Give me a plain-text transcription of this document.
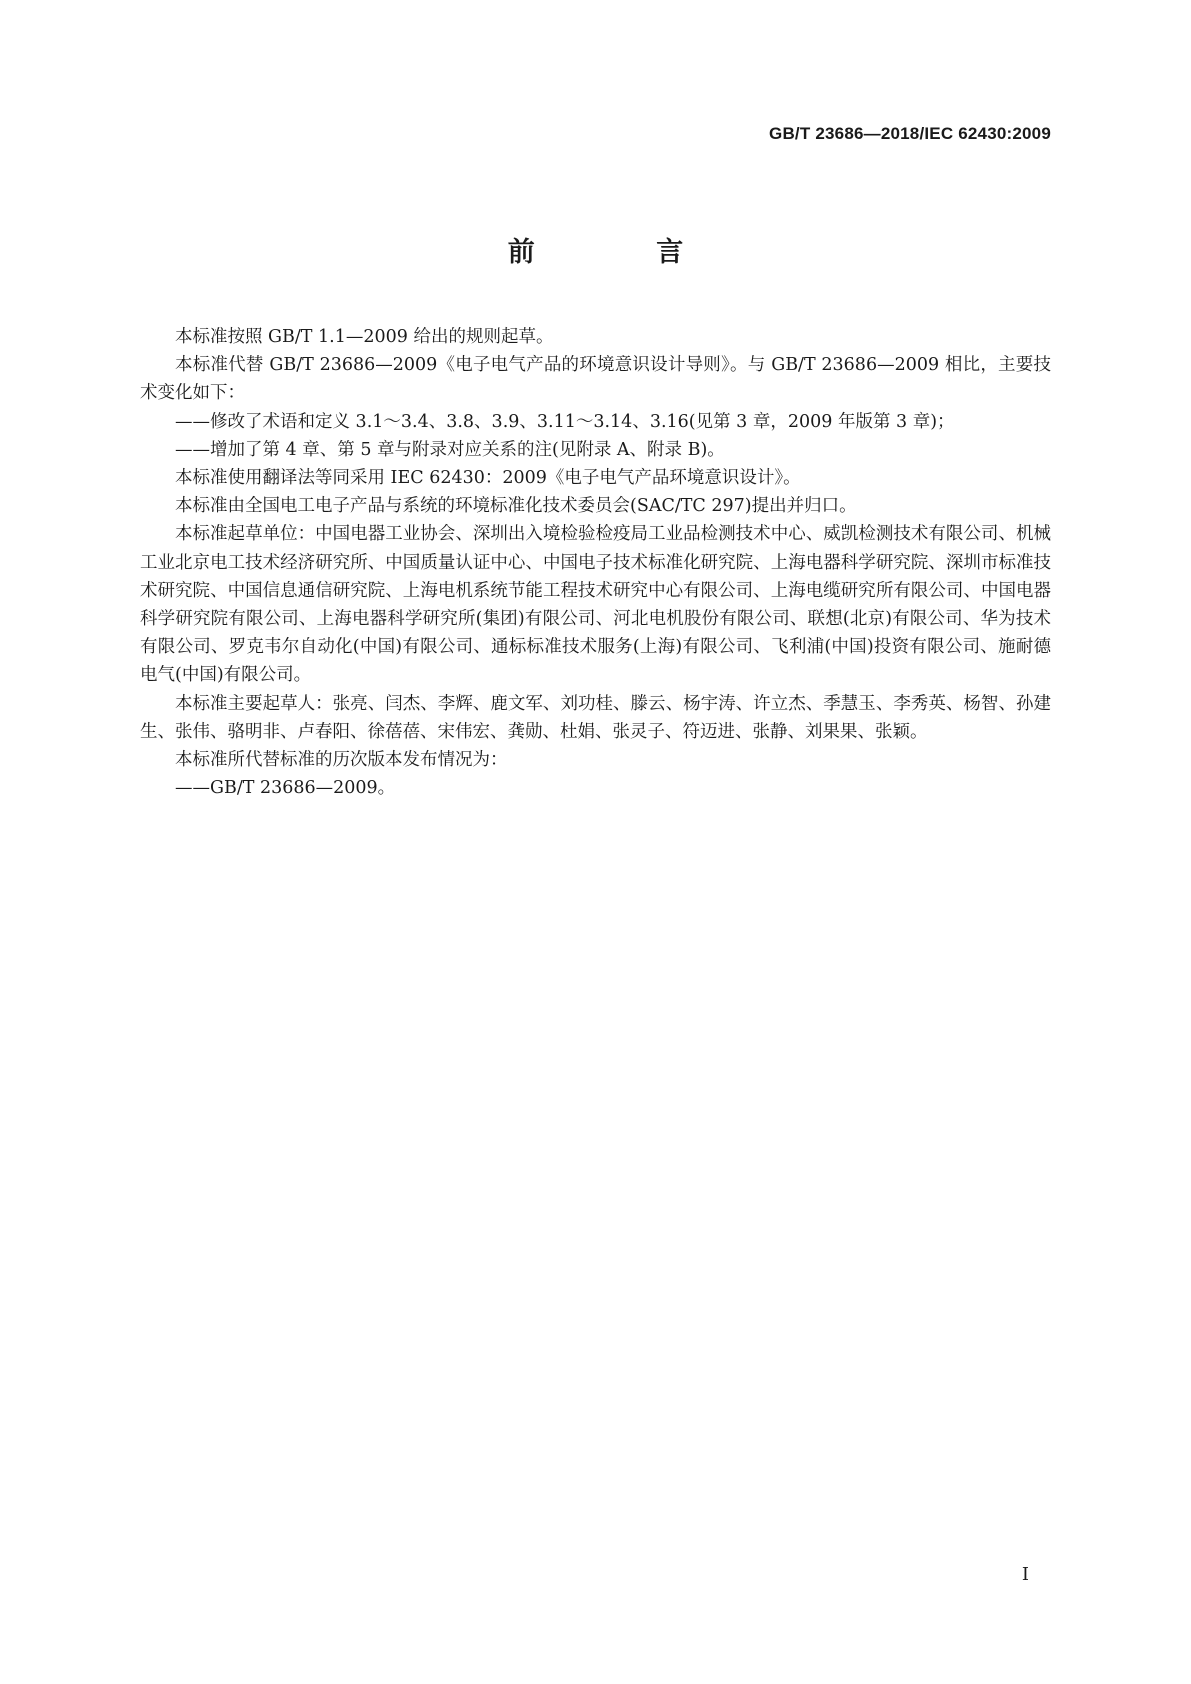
GB/T 23686—2018/IEC 62430:2009
前 言

本标准按照 GB/T 1.1—2009 给出的规则起草。

本标准代替 GB/T 23686—2009《电子电气产品的环境意识设计导则》。与 GB/T 23686—2009 相比，主要技术变化如下：

——修改了术语和定义 3.1～3.4、3.8、3.9、3.11～3.14、3.16(见第 3 章，2009 年版第 3 章)；

——增加了第 4 章、第 5 章与附录对应关系的注(见附录 A、附录 B)。

本标准使用翻译法等同采用 IEC 62430：2009《电子电气产品环境意识设计》。

本标准由全国电工电子产品与系统的环境标准化技术委员会(SAC/TC 297)提出并归口。

本标准起草单位：中国电器工业协会、深圳出入境检验检疫局工业品检测技术中心、威凯检测技术有限公司、机械工业北京电工技术经济研究所、中国质量认证中心、中国电子技术标准化研究院、上海电器科学研究院、深圳市标准技术研究院、中国信息通信研究院、上海电机系统节能工程技术研究中心有限公司、上海电缆研究所有限公司、中国电器科学研究院有限公司、上海电器科学研究所(集团)有限公司、河北电机股份有限公司、联想(北京)有限公司、华为技术有限公司、罗克韦尔自动化(中国)有限公司、通标标准技术服务(上海)有限公司、飞利浦(中国)投资有限公司、施耐德电气(中国)有限公司。

本标准主要起草人：张亮、闫杰、李辉、鹿文军、刘功桂、滕云、杨宇涛、许立杰、季慧玉、李秀英、杨智、孙建生、张伟、骆明非、卢春阳、徐蓓蓓、宋伟宏、龚勋、杜娟、张灵子、符迈进、张静、刘果果、张颖。

本标准所代替标准的历次版本发布情况为：

——GB/T 23686—2009。

I
